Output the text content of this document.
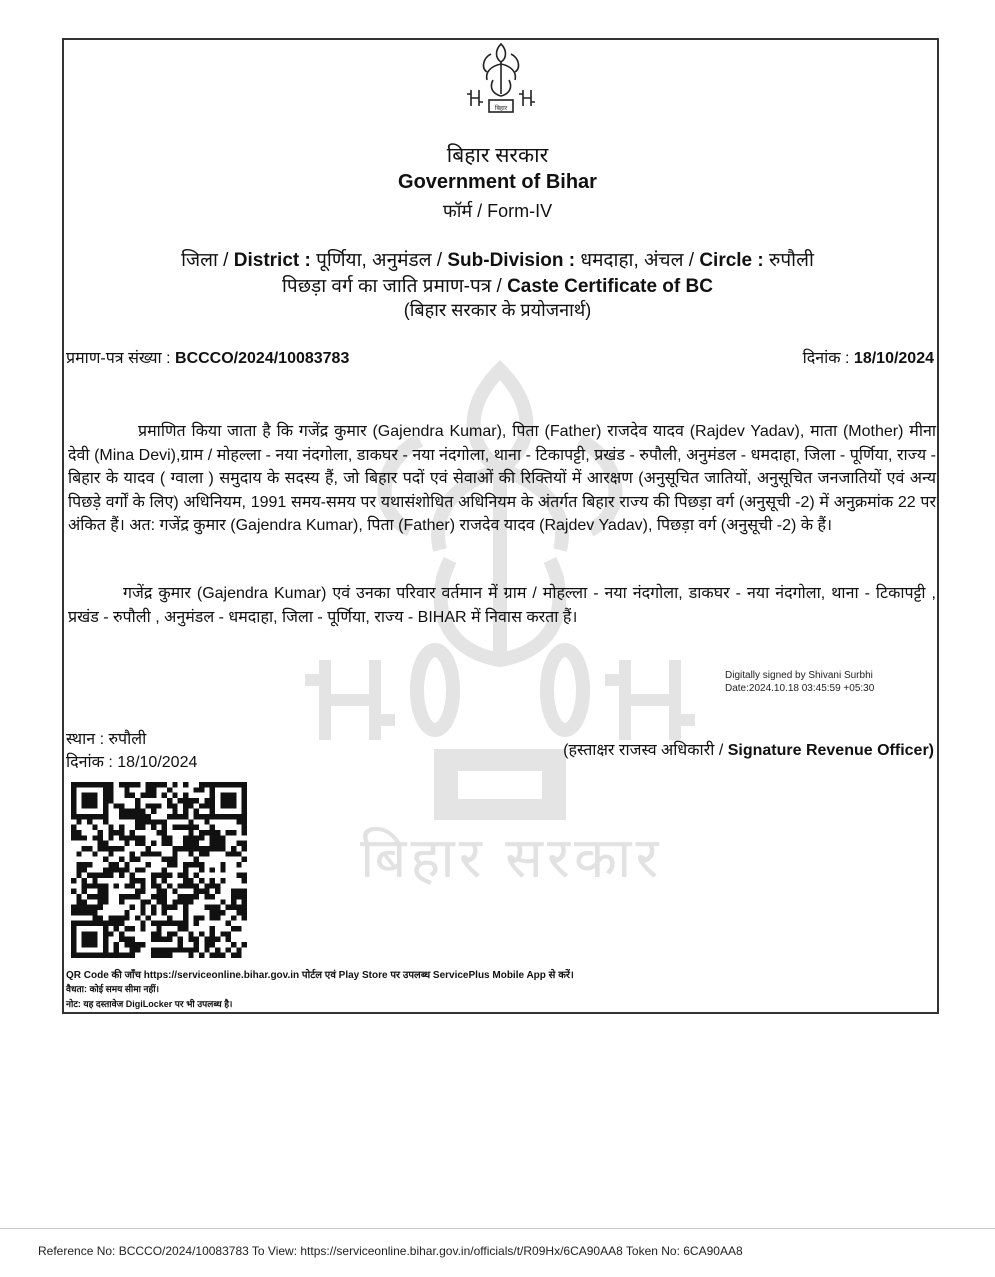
बिहार सरकार
बिहार
बिहार सरकार
Government of Bihar
फॉर्म / Form-IV
जिला / District : पूर्णिया, अनुमंडल / Sub-Division : धमदाहा, अंचल / Circle : रुपौली
पिछड़ा वर्ग का जाति प्रमाण-पत्र / Caste Certificate of BC
(बिहार सरकार के प्रयोजनार्थ)
प्रमाण-पत्र संख्या : BCCCO/2024/10083783	दिनांक : 18/10/2024
प्रमाणित किया जाता है कि गजेंद्र कुमार (Gajendra Kumar), पिता (Father) राजदेव यादव (Rajdev Yadav), माता (Mother) मीना देवी (Mina Devi),ग्राम / मोहल्ला - नया नंदगोला, डाकघर - नया नंदगोला, थाना - टिकापट्टी, प्रखंड - रुपौली, अनुमंडल - धमदाहा, जिला - पूर्णिया, राज्य - बिहार के यादव ( ग्वाला ) समुदाय के सदस्य हैं, जो बिहार पदों एवं सेवाओं की रिक्तियों में आरक्षण (अनुसूचित जातियों, अनुसूचित जनजातियों एवं अन्य पिछड़े वर्गों के लिए) अधिनियम, 1991 समय-समय पर यथासंशोधित अधिनियम के अंतर्गत बिहार राज्य की पिछड़ा वर्ग (अनुसूची -2) में अनुक्रमांक 22 पर अंकित हैं। अत: गजेंद्र कुमार (Gajendra Kumar), पिता (Father) राजदेव यादव (Rajdev Yadav), पिछड़ा वर्ग (अनुसूची -2) के हैं।
गजेंद्र कुमार (Gajendra Kumar) एवं उनका परिवार वर्तमान में ग्राम / मोहल्ला - नया नंदगोला, डाकघर - नया नंदगोला, थाना - टिकापट्टी , प्रखंड - रुपौली , अनुमंडल - धमदाहा, जिला - पूर्णिया, राज्य - BIHAR में निवास करता हैं।
Digitally signed by Shivani Surbhi
Date:2024.10.18 03:45:59 +05:30
स्थान : रुपौली
दिनांक : 18/10/2024
(हस्ताक्षर राजस्व अधिकारी / Signature Revenue Officer)
QR Code की जाँच https://serviceonline.bihar.gov.in पोर्टल एवं Play Store पर उपलब्ध ServicePlus Mobile App से करें।
वैधता: कोई समय सीमा नहीं।
नोट: यह दस्तावेज DigiLocker पर भी उपलब्ध है।
Reference No: BCCCO/2024/10083783 To View: https://serviceonline.bihar.gov.in/officials/t/R09Hx/6CA90AA8 Token No: 6CA90AA8
